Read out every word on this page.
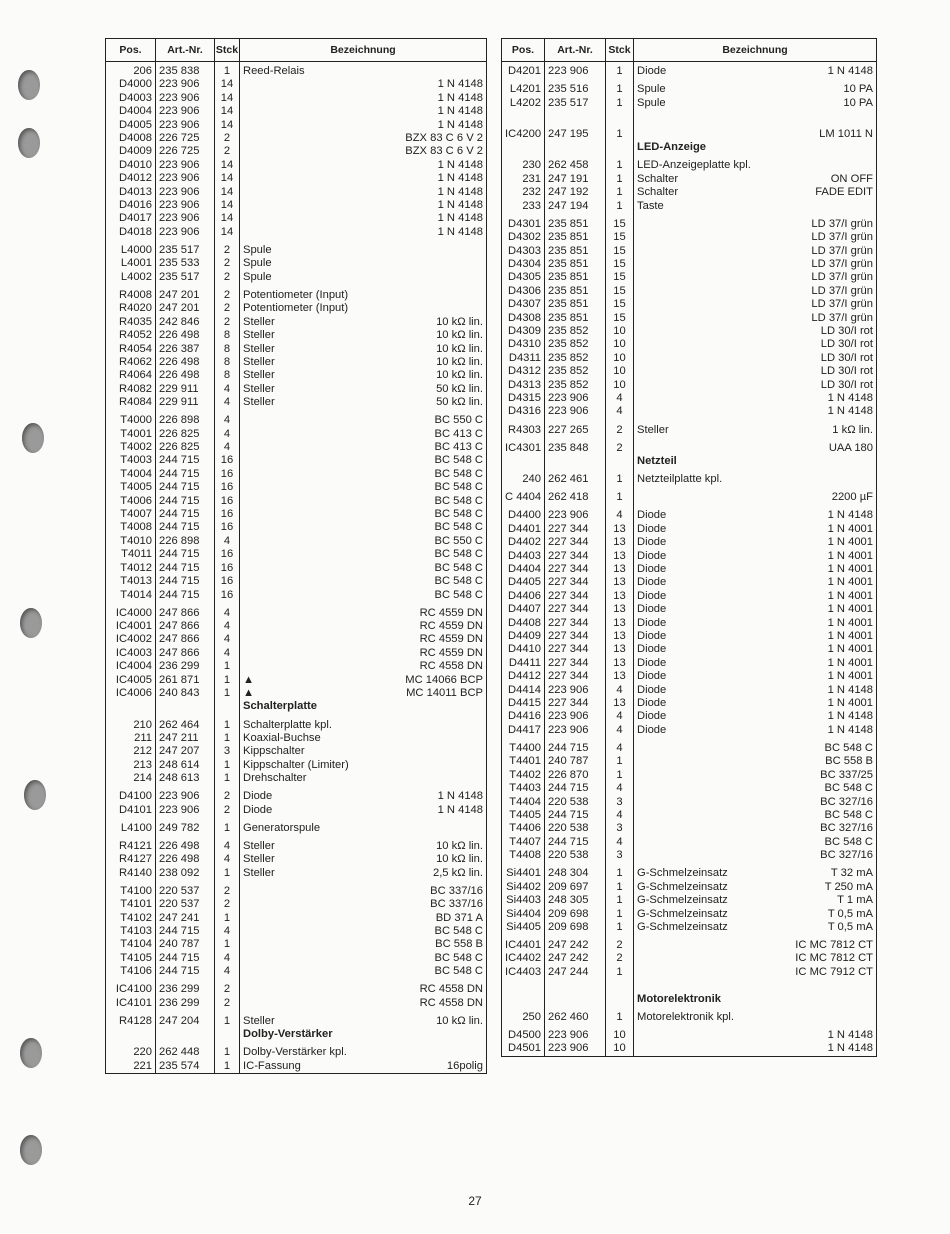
Pos.	Art.-Nr.	Stck	Bezeichnung
206	235 838	1	Reed-Relais

D4000	223 906	14	1 N 4148

D4003	223 906	14	1 N 4148

D4004	223 906	14	1 N 4148

D4005	223 906	14	1 N 4148

D4008	226 725	2	BZX 83 C 6 V 2

D4009	226 725	2	BZX 83 C 6 V 2

D4010	223 906	14	1 N 4148

D4012	223 906	14	1 N 4148

D4013	223 906	14	1 N 4148

D4016	223 906	14	1 N 4148

D4017	223 906	14	1 N 4148

D4018	223 906	14	1 N 4148

L4000	235 517	2	Spule

L4001	235 533	2	Spule

L4002	235 517	2	Spule

R4008	247 201	2	Potentiometer (Input)

R4020	247 201	2	Potentiometer (Input)

R4035	242 846	2	Steller 10 kΩ lin.

R4052	226 498	8	Steller 10 kΩ lin.

R4054	226 387	8	Steller 10 kΩ lin.

R4062	226 498	8	Steller 10 kΩ lin.

R4064	226 498	8	Steller 10 kΩ lin.

R4082	229 911	4	Steller 50 kΩ lin.

R4084	229 911	4	Steller 50 kΩ lin.

T4000	226 898	4	BC 550 C

T4001	226 825	4	BC 413 C

T4002	226 825	4	BC 413 C

T4003	244 715	16	BC 548 C

T4004	244 715	16	BC 548 C

T4005	244 715	16	BC 548 C

T4006	244 715	16	BC 548 C

T4007	244 715	16	BC 548 C

T4008	244 715	16	BC 548 C

T4010	226 898	4	BC 550 C

T4011	244 715	16	BC 548 C

T4012	244 715	16	BC 548 C

T4013	244 715	16	BC 548 C

T4014	244 715	16	BC 548 C

IC4000	247 866	4	RC 4559 DN

IC4001	247 866	4	RC 4559 DN

IC4002	247 866	4	RC 4559 DN

IC4003	247 866	4	RC 4559 DN

IC4004	236 299	1	RC 4558 DN

IC4005	261 871	1	▲ MC 14066 BCP

IC4006	240 843	1	▲ MC 14011 BCP

			Schalterplatte

210	262 464	1	Schalterplatte kpl.

211	247 211	1	Koaxial-Buchse

212	247 207	3	Kippschalter

213	248 614	1	Kippschalter (Limiter)

214	248 613	1	Drehschalter

D4100	223 906	2	Diode 1 N 4148

D4101	223 906	2	Diode 1 N 4148

L4100	249 782	1	Generatorspule

R4121	226 498	4	Steller 10 kΩ lin.

R4127	226 498	4	Steller 10 kΩ lin.

R4140	238 092	1	Steller 2,5 kΩ lin.

T4100	220 537	2	BC 337/16

T4101	220 537	2	BC 337/16

T4102	247 241	1	BD 371 A

T4103	244 715	4	BC 548 C

T4104	240 787	1	BC 558 B

T4105	244 715	4	BC 548 C

T4106	244 715	4	BC 548 C

IC4100	236 299	2	RC 4558 DN

IC4101	236 299	2	RC 4558 DN

R4128	247 204	1	Steller 10 kΩ lin.

			Dolby-Verstärker

220	262 448	1	Dolby-Verstärker kpl.

221	235 574	1	IC-Fassung 16polig
Pos.	Art.-Nr.	Stck	Bezeichnung
D4201	223 906	1	Diode 1 N 4148

L4201	235 516	1	Spule 10 PA

L4202	235 517	1	Spule 10 PA

IC4200	247 195	1	LM 1011 N

			LED-Anzeige

230	262 458	1	LED-Anzeigeplatte kpl.

231	247 191	1	Schalter ON OFF

232	247 192	1	Schalter FADE EDIT

233	247 194	1	Taste

D4301	235 851	15	LD 37/I grün

D4302	235 851	15	LD 37/I grün

D4303	235 851	15	LD 37/I grün

D4304	235 851	15	LD 37/I grün

D4305	235 851	15	LD 37/I grün

D4306	235 851	15	LD 37/I grün

D4307	235 851	15	LD 37/I grün

D4308	235 851	15	LD 37/I grün

D4309	235 852	10	LD 30/I rot

D4310	235 852	10	LD 30/I rot

D4311	235 852	10	LD 30/I rot

D4312	235 852	10	LD 30/I rot

D4313	235 852	10	LD 30/I rot

D4315	223 906	4	1 N 4148

D4316	223 906	4	1 N 4148

R4303	227 265	2	Steller 1 kΩ lin.

IC4301	235 848	2	UAA 180

			Netzteil

240	262 461	1	Netzteilplatte kpl.

C 4404	262 418	1	2200 µF

D4400	223 906	4	Diode 1 N 4148

D4401	227 344	13	Diode 1 N 4001

D4402	227 344	13	Diode 1 N 4001

D4403	227 344	13	Diode 1 N 4001

D4404	227 344	13	Diode 1 N 4001

D4405	227 344	13	Diode 1 N 4001

D4406	227 344	13	Diode 1 N 4001

D4407	227 344	13	Diode 1 N 4001

D4408	227 344	13	Diode 1 N 4001

D4409	227 344	13	Diode 1 N 4001

D4410	227 344	13	Diode 1 N 4001

D4411	227 344	13	Diode 1 N 4001

D4412	227 344	13	Diode 1 N 4001

D4414	223 906	4	Diode 1 N 4148

D4415	227 344	13	Diode 1 N 4001

D4416	223 906	4	Diode 1 N 4148

D4417	223 906	4	Diode 1 N 4148

T4400	244 715	4	BC 548 C

T4401	240 787	1	BC 558 B

T4402	226 870	1	BC 337/25

T4403	244 715	4	BC 548 C

T4404	220 538	3	BC 327/16

T4405	244 715	4	BC 548 C

T4406	220 538	3	BC 327/16

T4407	244 715	4	BC 548 C

T4408	220 538	3	BC 327/16

Si4401	248 304	1	G-Schmelzeinsatz T 32 mA

Si4402	209 697	1	G-Schmelzeinsatz T 250 mA

Si4403	248 305	1	G-Schmelzeinsatz T 1 mA

Si4404	209 698	1	G-Schmelzeinsatz T 0,5 mA

Si4405	209 698	1	G-Schmelzeinsatz T 0,5 mA

IC4401	247 242	2	IC MC 7812 CT

IC4402	247 242	2	IC MC 7812 CT

IC4403	247 244	1	IC MC 7912 CT

			Motorelektronik

250	262 460	1	Motorelektronik kpl.

D4500	223 906	10	1 N 4148

D4501	223 906	10	1 N 4148
27
